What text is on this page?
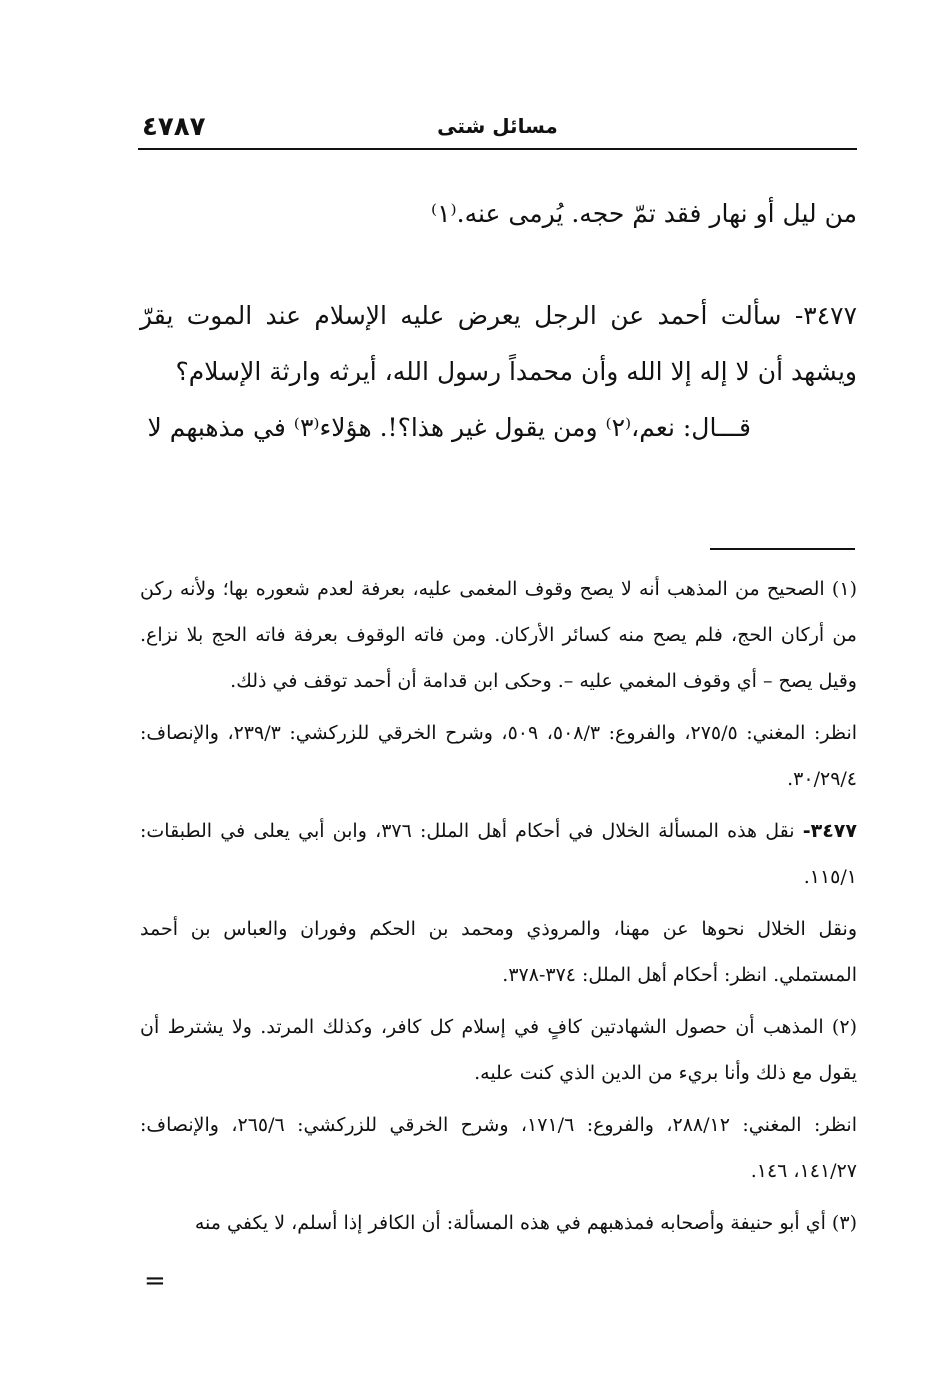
٤٧٨٧	مسائل شتى
من ليل أو نهار فقد تمّ حجه. يُرمى عنه.⁽١⁾
٣٤٧٧- سألت أحمد عن الرجل يعرض عليه الإسلام عند الموت يقرّ ويشهد أن لا إله إلا الله وأن محمداً رسول الله، أيرثه وارثة الإسلام؟
قـــال: نعم،⁽٢⁾ ومن يقول غير هذا؟!. هؤلاء⁽٣⁾ في مذهبهم لا

(١) الصحيح من المذهب أنه لا يصح وقوف المغمى عليه، بعرفة لعدم شعوره بها؛ ولأنه ركن من أركان الحج، فلم يصح منه كسائر الأركان. ومن فاته الوقوف بعرفة فاته الحج بلا نزاع. وقيل يصح – أي وقوف المغمي عليه –. وحكى ابن قدامة أن أحمد توقف في ذلك.

انظر: المغني: ٢٧٥/٥، والفروع: ٥٠٨/٣، ٥٠٩، وشرح الخرقي للزركشي: ٢٣٩/٣، والإنصاف: ٣٠/٢٩/٤.

٣٤٧٧- نقل هذه المسألة الخلال في أحكام أهل الملل: ٣٧٦، وابن أبي يعلى في الطبقات: ١١٥/١.

ونقل الخلال نحوها عن مهنا، والمروذي ومحمد بن الحكم وفوران والعباس بن أحمد المستملي. انظر: أحكام أهل الملل: ٣٧٤-٣٧٨.

(٢) المذهب أن حصول الشهادتين كافٍ في إسلام كل كافر، وكذلك المرتد. ولا يشترط أن يقول مع ذلك وأنا بريء من الدين الذي كنت عليه.

انظر: المغني: ٢٨٨/١٢، والفروع: ١٧١/٦، وشرح الخرقي للزركشي: ٢٦٥/٦، والإنصاف: ١٤١/٢٧، ١٤٦.

(٣) أي أبو حنيفة وأصحابه فمذهبهم في هذه المسألة: أن الكافر إذا أسلم، لا يكفي منه

=
